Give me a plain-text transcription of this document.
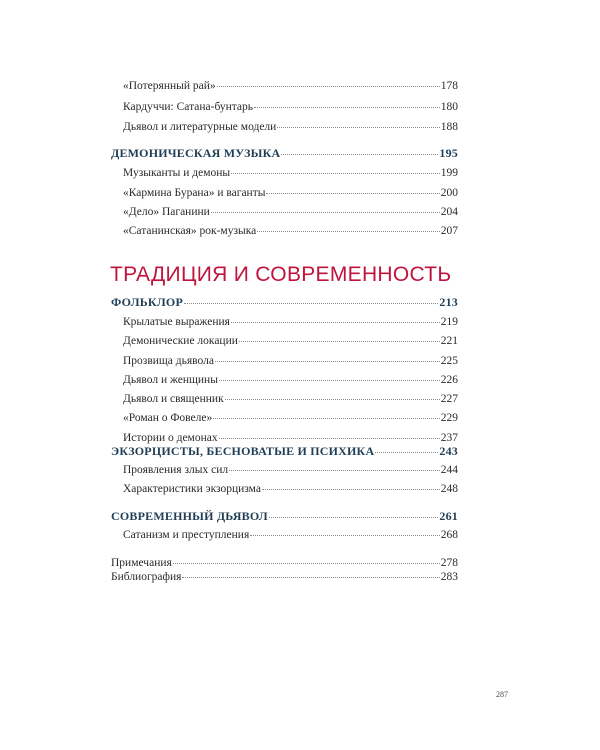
«Потерянный рай»	178
Кардуччи: Сатана-бунтарь	180
Дьявол и литературные модели	188
ДЕМОНИЧЕСКАЯ МУЗЫКА	195
Музыканты и демоны	199
«Кармина Бурана» и ваганты	200
«Дело» Паганини	204
«Сатанинская» рок-музыка	207
ТРАДИЦИЯ И СОВРЕМЕННОСТЬ
ФОЛЬКЛОР	213
Крылатые выражения	219
Демонические локации	221
Прозвища дьявола	225
Дьявол и женщины	226
Дьявол и священник	227
«Роман о Фовеле»	229
Истории о демонах	237
ЭКЗОРЦИСТЫ, БЕСНОВАТЫЕ И ПСИХИКА	243
Проявления злых сил	244
Характеристики экзорцизма	248
СОВРЕМЕННЫЙ ДЬЯВОЛ	261
Сатанизм и преступления	268
Примечания	278
Библиография	283
287
